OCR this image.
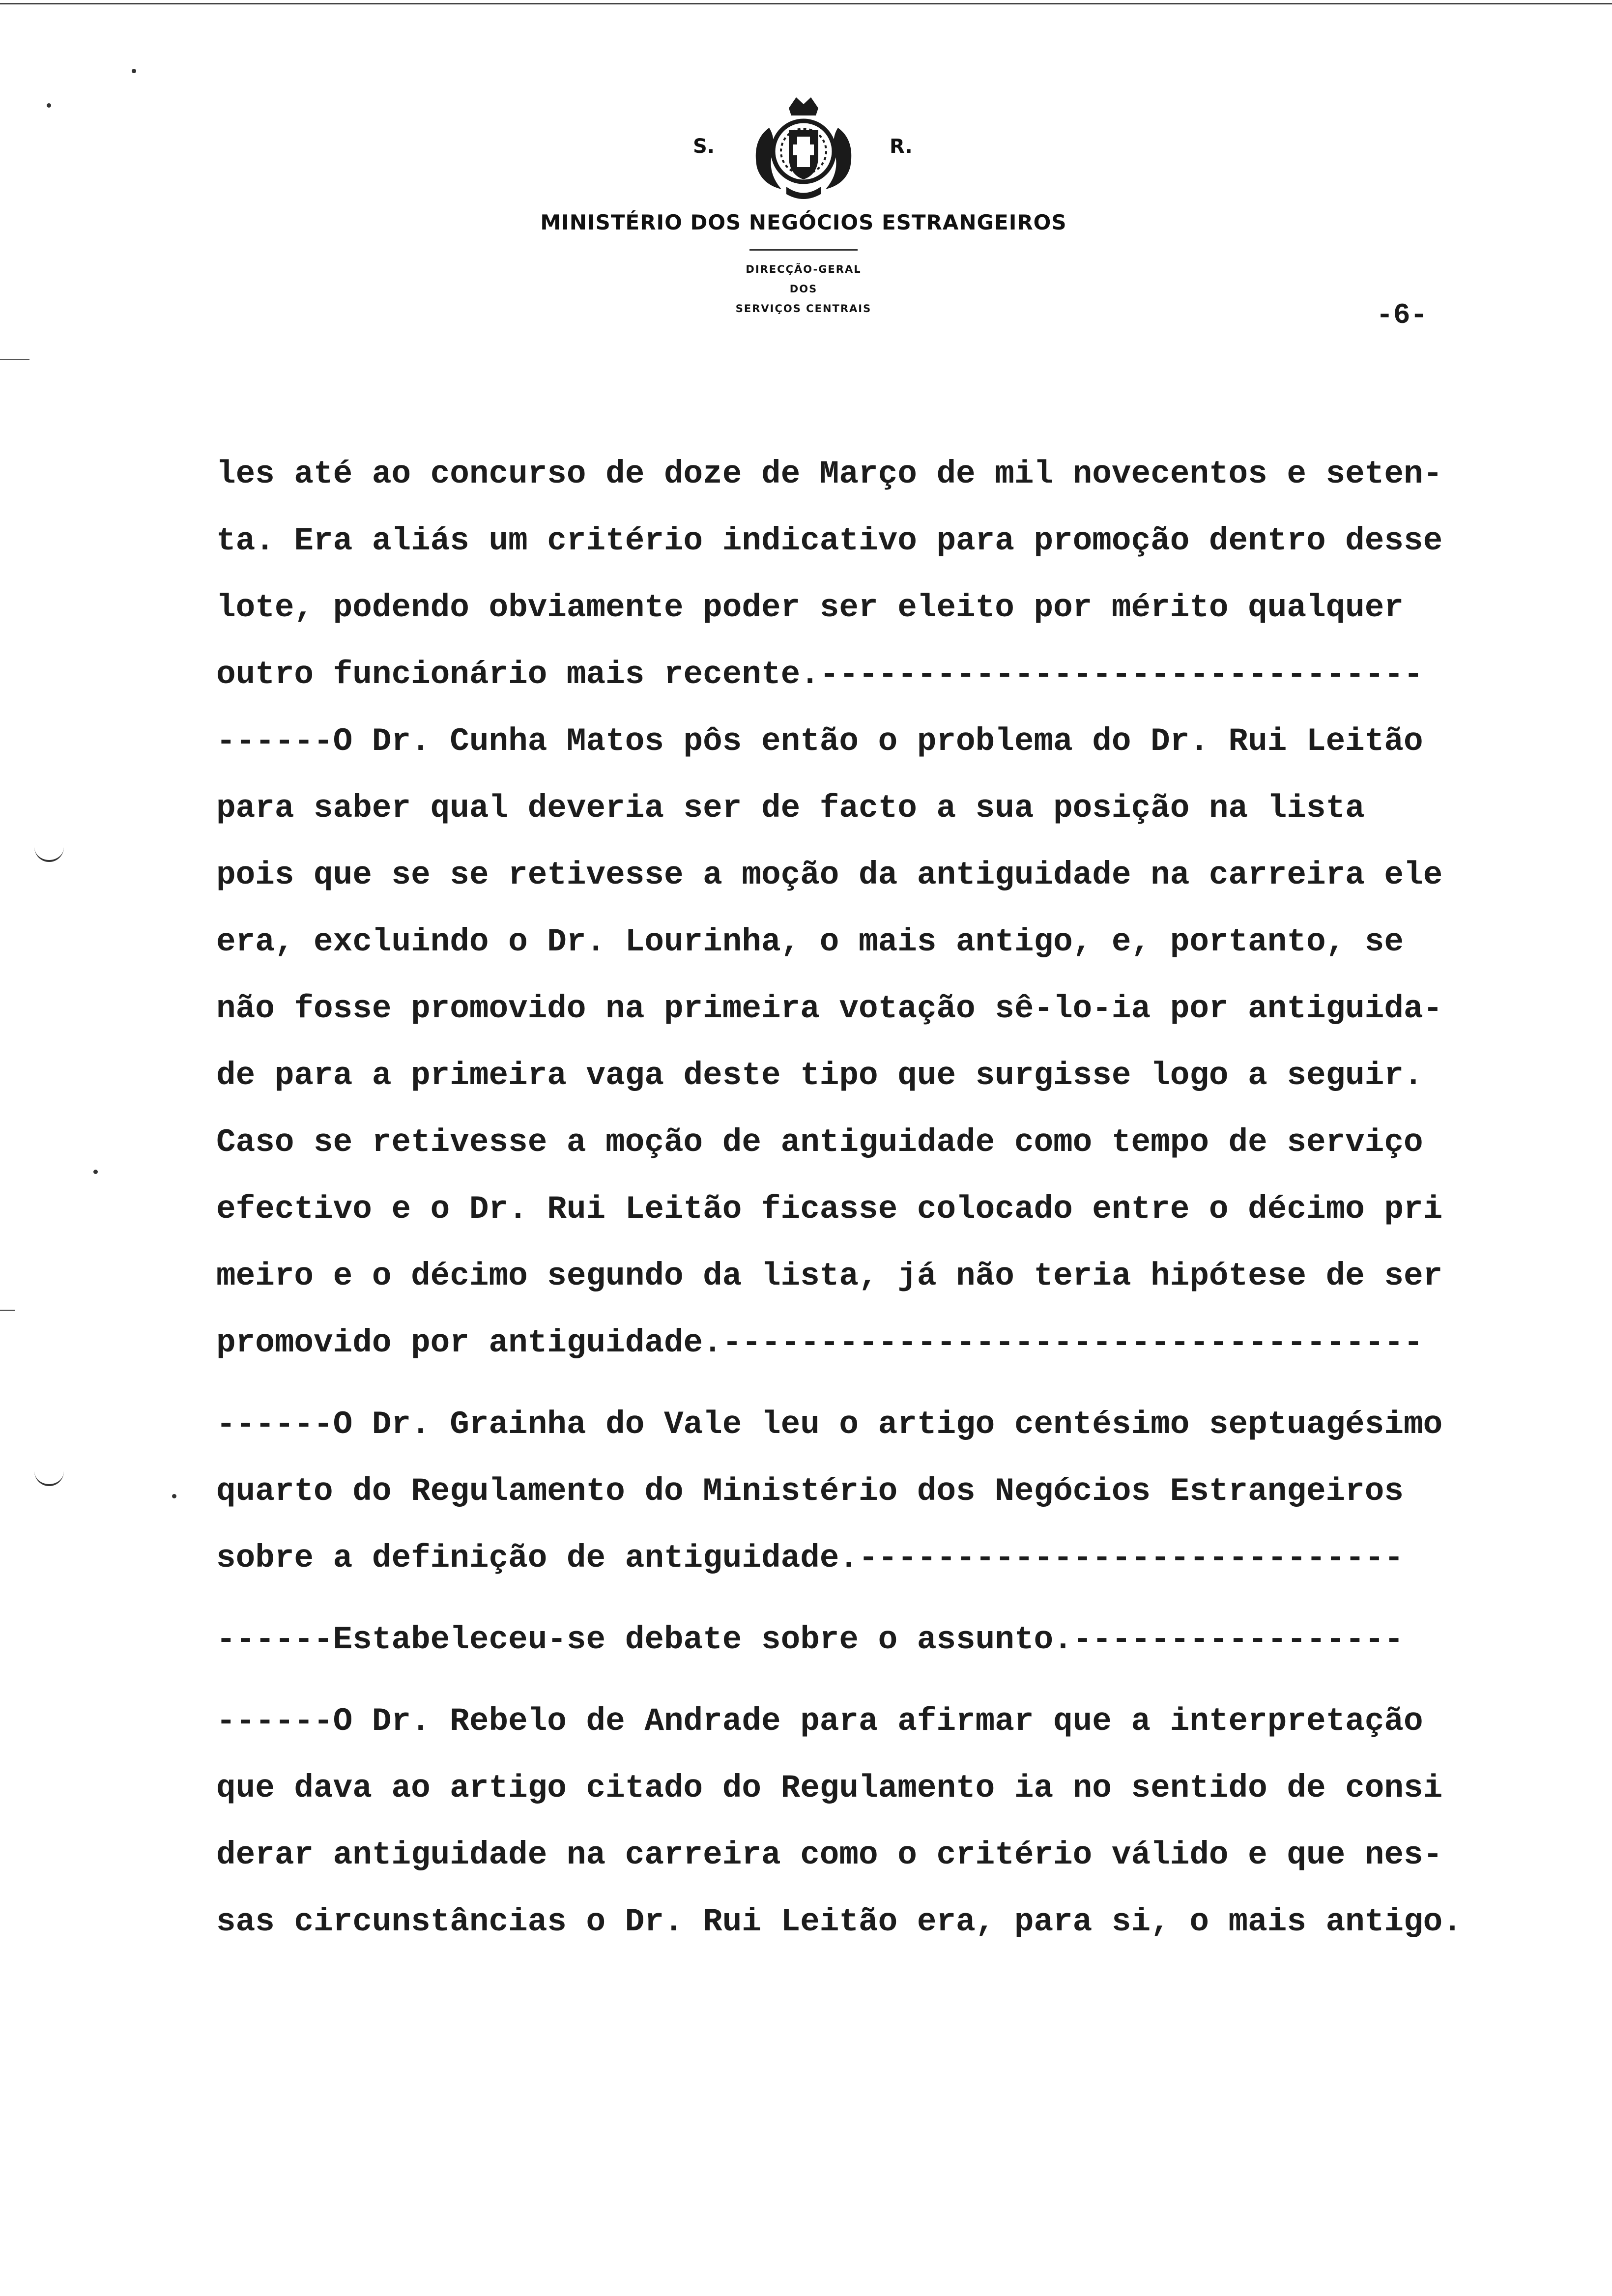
S.	R.
MINISTÉRIO DOS NEGÓCIOS ESTRANGEIROS
DIRECÇÃO-GERAL
DOS
SERVIÇOS CENTRAIS	-6-
les até ao concurso de doze de Março de mil novecentos e seten-
ta. Era aliás um critério indicativo para promoção dentro desse
lote, podendo obviamente poder ser eleito por mérito qualquer
outro funcionário mais recente.-------------------------------
------O Dr. Cunha Matos pôs então o problema do Dr. Rui Leitão
para saber qual deveria ser de facto a sua posição na lista
pois que se se retivesse a moção da antiguidade na carreira ele
era, excluindo o Dr. Lourinha, o mais antigo, e, portanto, se
não fosse promovido na primeira votação sê-lo-ia por antiguida-
de para a primeira vaga deste tipo que surgisse logo a seguir.
Caso se retivesse a moção de antiguidade como tempo de serviço
efectivo e o Dr. Rui Leitão ficasse colocado entre o décimo pri
meiro e o décimo segundo da lista, já não teria hipótese de ser
promovido por antiguidade.------------------------------------
------O Dr. Grainha do Vale leu o artigo centésimo septuagésimo
quarto do Regulamento do Ministério dos Negócios Estrangeiros
sobre a definição de antiguidade.----------------------------
------Estabeleceu-se debate sobre o assunto.-----------------
------O Dr. Rebelo de Andrade para afirmar que a interpretação
que dava ao artigo citado do Regulamento ia no sentido de consi
derar antiguidade na carreira como o critério válido e que nes-
sas circunstâncias o Dr. Rui Leitão era, para si, o mais antigo.
